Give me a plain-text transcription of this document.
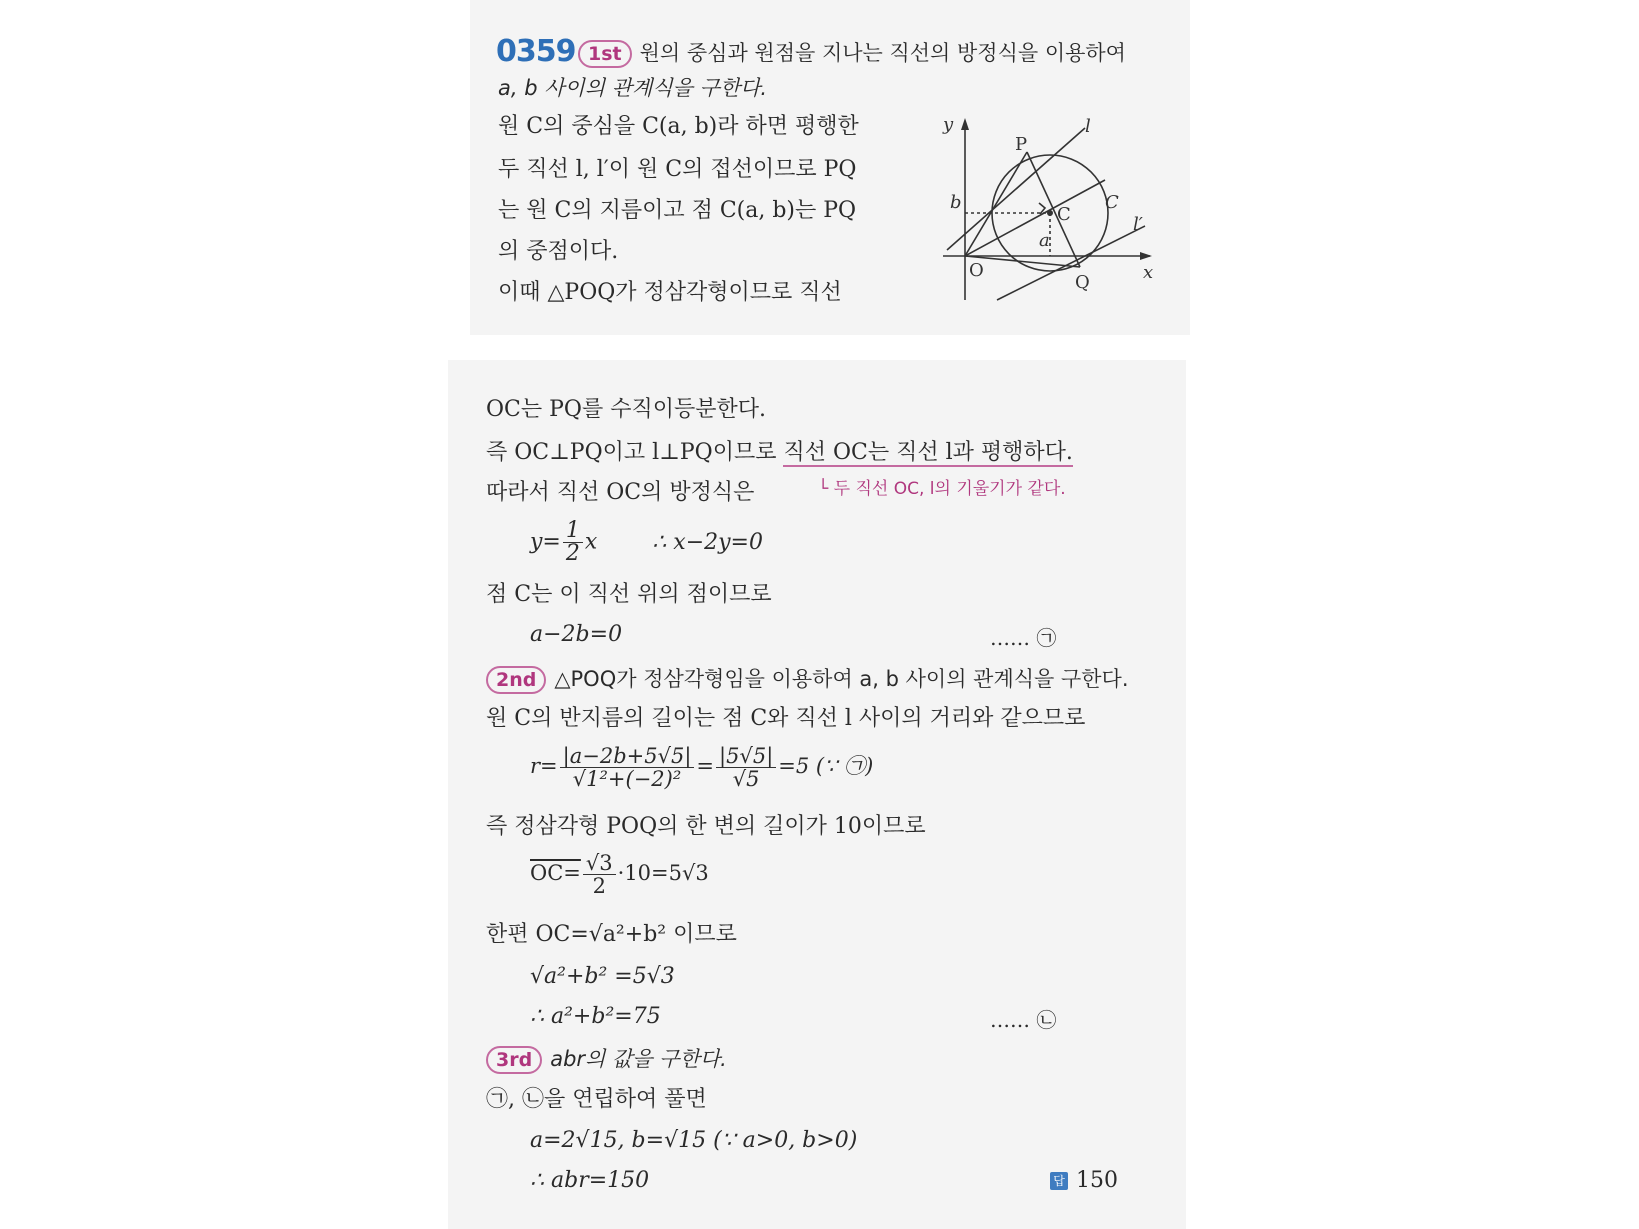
0359 1st 원의 중심과 원점을 지나는 직선의 방정식을 이용하여
a, b 사이의 관계식을 구한다.
원 C의 중심을 C(a, b)라 하면 평행한
두 직선 l, l′이 원 C의 접선이므로 PQ
는 원 C의 지름이고 점 C(a, b)는 PQ
의 중점이다.
이때 △POQ가 정삼각형이므로 직선
y
x
l
l′
b
a
C
P
Q
O
C
OC는 PQ를 수직이등분한다.
즉 OC⊥PQ이고 l⊥PQ이므로 직선 OC는 직선 l과 평행하다.
└ 두 직선 OC, l의 기울기가 같다.
따라서 직선 OC의 방정식은
$y= \frac{1}{2}$ x	∴ x−2y=0
점 C는 이 직선 위의 점이므로
a−2b=0	…… ㉠
2nd △POQ가 정삼각형임을 이용하여 a, b 사이의 관계식을 구한다.
원 C의 반지름의 길이는 점 C와 직선 l 사이의 거리와 같으므로
$r= \frac{|a-2b+5√5|}{\text{√1²+(−2)²}} = \frac{|5√5|}{√5} =5$ (∵ ㉠)
즉 정삼각형 POQ의 한 변의 길이가 10이므로
$OC= \frac{√3}{2} \cdot 10=5√3$
한편 OC=√a²+b² 이므로
√a²+b² =5√3
∴ a²+b²=75	…… ㉡
3rd abr의 값을 구한다.
㉠, ㉡을 연립하여 풀면
a=2√15, b=√15 (∵ a>0, b>0)
∴ abr=150	답 150
